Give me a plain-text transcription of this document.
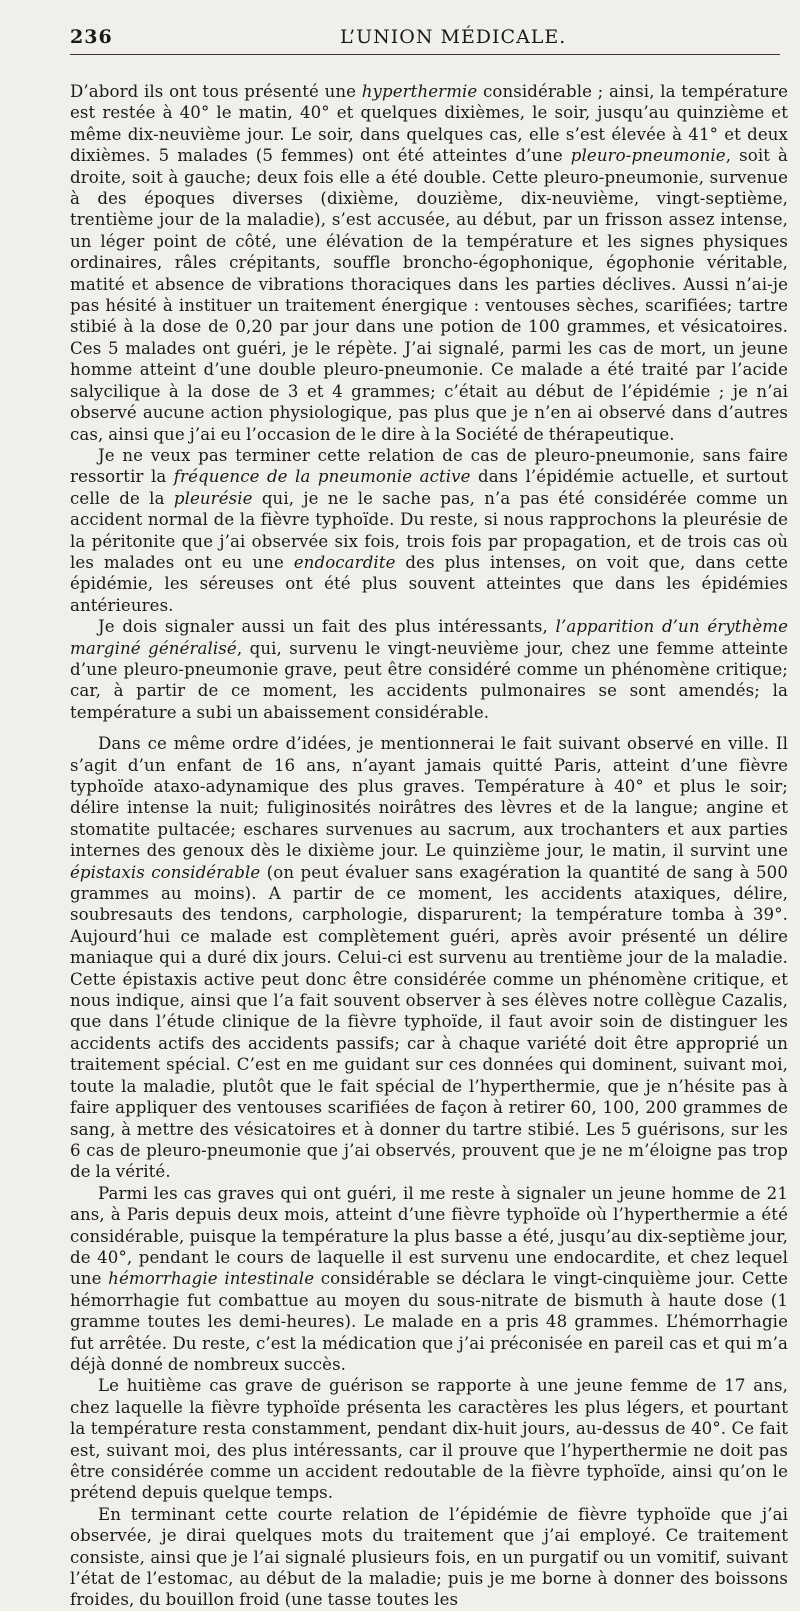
236	L’UNION MÉDICALE.

D’abord ils ont tous présenté une hyperthermie considérable ; ainsi, la température est restée à 40° le matin, 40° et quelques dixièmes, le soir, jusqu’au quinzième et même dix-neuvième jour. Le soir, dans quelques cas, elle s’est élevée à 41° et deux dixièmes. 5 malades (5 femmes) ont été atteintes d’une pleuro-pneumonie, soit à droite, soit à gauche; deux fois elle a été double. Cette pleuro-pneumonie, survenue à des époques diverses (dixième, douzième, dix-neuvième, vingt-septième, trentième jour de la maladie), s’est accusée, au début, par un frisson assez intense, un léger point de côté, une élévation de la température et les signes physiques ordinaires, râles crépitants, souffle broncho-égophonique, égophonie véritable, matité et absence de vibrations thoraciques dans les parties déclives. Aussi n’ai-je pas hésité à instituer un traitement énergique : ventouses sèches, scarifiées; tartre stibié à la dose de 0,20 par jour dans une potion de 100 grammes, et vésicatoires. Ces 5 malades ont guéri, je le répète. J’ai signalé, parmi les cas de mort, un jeune homme atteint d’une double pleuro-pneumonie. Ce malade a été traité par l’acide salycilique à la dose de 3 et 4 grammes; c’était au début de l’épidémie ; je n’ai observé aucune action physiologique, pas plus que je n’en ai observé dans d’autres cas, ainsi que j’ai eu l’occasion de le dire à la Société de thérapeutique.

Je ne veux pas terminer cette relation de cas de pleuro-pneumonie, sans faire ressortir la fréquence de la pneumonie active dans l’épidémie actuelle, et surtout celle de la pleurésie qui, je ne le sache pas, n’a pas été considérée comme un accident normal de la fièvre typhoïde. Du reste, si nous rapprochons la pleurésie de la péritonite que j’ai observée six fois, trois fois par propagation, et de trois cas où les malades ont eu une endocardite des plus intenses, on voit que, dans cette épidémie, les séreuses ont été plus souvent atteintes que dans les épidémies antérieures.

Je dois signaler aussi un fait des plus intéressants, l’apparition d’un érythème marginé généralisé, qui, survenu le vingt-neuvième jour, chez une femme atteinte d’une pleuro-pneumonie grave, peut être considéré comme un phénomène critique; car, à partir de ce moment, les accidents pulmonaires se sont amendés; la température a subi un abaissement considérable.

Dans ce même ordre d’idées, je mentionnerai le fait suivant observé en ville. Il s’agit d’un enfant de 16 ans, n’ayant jamais quitté Paris, atteint d’une fièvre typhoïde ataxo-adynamique des plus graves. Température à 40° et plus le soir; délire intense la nuit; fuliginosités noirâtres des lèvres et de la langue; angine et stomatite pultacée; eschares survenues au sacrum, aux trochanters et aux parties internes des genoux dès le dixième jour. Le quinzième jour, le matin, il survint une épistaxis considérable (on peut évaluer sans exagération la quantité de sang à 500 grammes au moins). A partir de ce moment, les accidents ataxiques, délire, soubresauts des tendons, carphologie, disparurent; la température tomba à 39°. Aujourd’hui ce malade est complètement guéri, après avoir présenté un délire maniaque qui a duré dix jours. Celui-ci est survenu au trentième jour de la maladie. Cette épistaxis active peut donc être considérée comme un phénomène critique, et nous indique, ainsi que l’a fait souvent observer à ses élèves notre collègue Cazalis, que dans l’étude clinique de la fièvre typhoïde, il faut avoir soin de distinguer les accidents actifs des accidents passifs; car à chaque variété doit être approprié un traitement spécial. C’est en me guidant sur ces données qui dominent, suivant moi, toute la maladie, plutôt que le fait spécial de l’hyperthermie, que je n’hésite pas à faire appliquer des ventouses scarifiées de façon à retirer 60, 100, 200 grammes de sang, à mettre des vésicatoires et à donner du tartre stibié. Les 5 guérisons, sur les 6 cas de pleuro-pneumonie que j’ai observés, prouvent que je ne m’éloigne pas trop de la vérité.

Parmi les cas graves qui ont guéri, il me reste à signaler un jeune homme de 21 ans, à Paris depuis deux mois, atteint d’une fièvre typhoïde où l’hyperthermie a été considérable, puisque la température la plus basse a été, jusqu’au dix-septième jour, de 40°, pendant le cours de laquelle il est survenu une endocardite, et chez lequel une hémorrhagie intestinale considérable se déclara le vingt-cinquième jour. Cette hémorrhagie fut combattue au moyen du sous-nitrate de bismuth à haute dose (1 gramme toutes les demi-heures). Le malade en a pris 48 grammes. L’hémorrhagie fut arrêtée. Du reste, c’est la médication que j’ai préconisée en pareil cas et qui m’a déjà donné de nombreux succès.

Le huitième cas grave de guérison se rapporte à une jeune femme de 17 ans, chez laquelle la fièvre typhoïde présenta les caractères les plus légers, et pourtant la température resta constamment, pendant dix-huit jours, au-dessus de 40°. Ce fait est, suivant moi, des plus intéressants, car il prouve que l’hyperthermie ne doit pas être considérée comme un accident redoutable de la fièvre typhoïde, ainsi qu’on le prétend depuis quelque temps.

En terminant cette courte relation de l’épidémie de fièvre typhoïde que j’ai observée, je dirai quelques mots du traitement que j’ai employé. Ce traitement consiste, ainsi que je l’ai signalé plusieurs fois, en un purgatif ou un vomitif, suivant l’état de l’estomac, au début de la maladie; puis je me borne à donner des boissons froides, du bouillon froid (une tasse toutes les
